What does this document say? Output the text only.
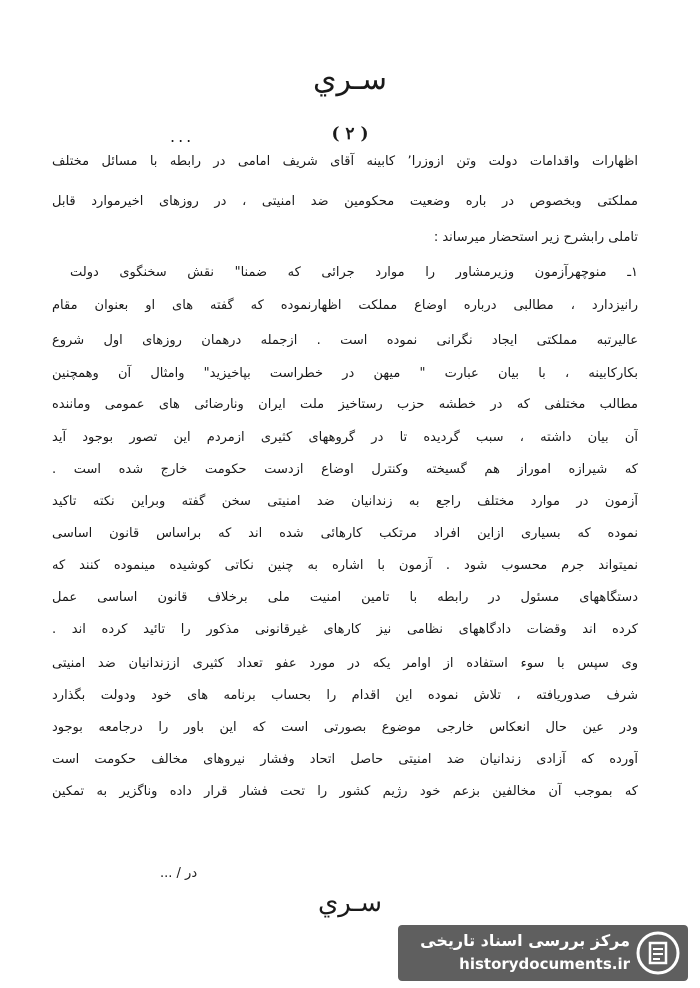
سـري
...	( ٢ )
اظهارات واقدامات دولت وتن ازوزرا٬ کابینه آقای شریف امامی در رابطه با مسائل مختلف
مملکتی وبخصوص در باره وضعیت محکومین ضد امنیتی ، در روزهای اخیرموارد قابل
تاملی رابشرح زیر استحضار میرساند :
١ـ منوچهرآزمون وزیرمشاور را موارد جرائی که ضمنا" نقش سخنگوی دولت
رانیزدارد ، مطالبی درباره اوضاع مملکت اظهارنموده که گفته های او بعنوان مقام
عالیرتبه مملکتی ایجاد نگرانی نموده است . ازجمله درهمان روزهای اول شروع
بکارکابینه ، با بیان عبارت " میهن در خطراست بپاخیزید" وامثال آن وهمچنین
مطالب مختلفی که در خطشه حزب رستاخیز ملت ایران ونارضائی های عمومی وماننده
آن بیان داشته ، سبب گردیده تا در گروههای کثیری ازمردم این تصور بوجود آید
که شیرازه اموراز هم گسیخته وکنترل اوضاع ازدست حکومت خارج شده است .
آزمون در موارد مختلف راجع به زندانیان ضد امنیتی سخن گفته وبراین نکته تاکید
نموده که بسیاری ازاین افراد مرتکب کارهائی شده اند که براساس قانون اساسی
نمیتواند جرم محسوب شود . آزمون با اشاره به چنین نکاتی کوشیده مینموده کنند که
دستگاههای مسئول در رابطه با تامین امنیت ملی برخلاف قانون اساسی عمل
کرده اند وقضات دادگاههای نظامی نیز کارهای غیرقانونی مذکور را تائید کرده اند .
وی سپس با سوء استفاده از اوامر یکه در مورد عفو تعداد کثیری اززندانیان ضد امنیتی
شرف صدوریافته ، تلاش نموده این اقدام را بحساب برنامه های خود ودولت بگذارد
ودر عین حال انعکاس خارجی موضوع بصورتی است که این باور را درجامعه بوجود
آورده که آزادی زندانیان ضد امنیتی حاصل اتحاد وفشار نیروهای مخالف حکومت است
که بموجب آن مخالفین بزعم خود رژیم کشور را تحت فشار قرار داده وناگزیر به تمکین
در / ...
سـري
مرکز بررسی اسناد تاریخی
historydocuments.ir
